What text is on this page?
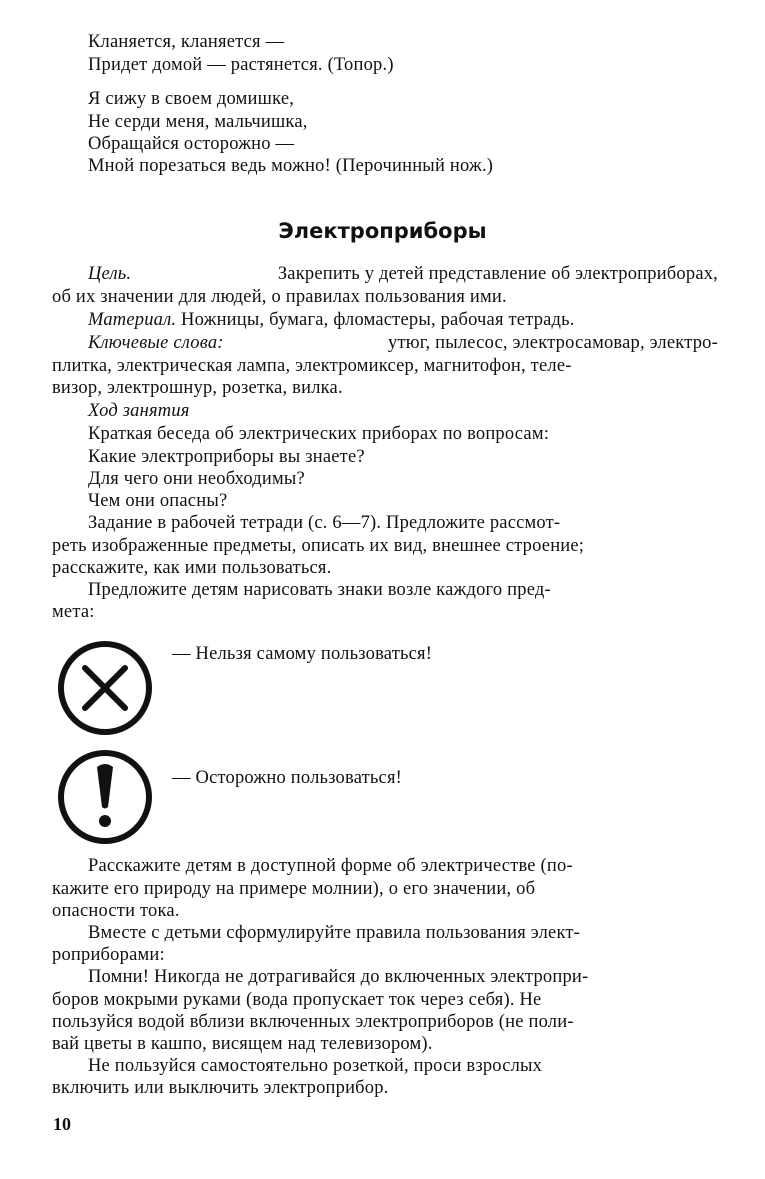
Кланяется, кланяется —
Придет домой — растянется. (Топор.)
Я сижу в своем домишке,
Не серди меня, мальчишка,
Обращайся осторожно —
Мной порезаться ведь можно! (Перочинный нож.)
Электроприборы
Цель.	Закрепить у детей представление об электроприборах,
об их значении для людей, о правилах пользования ими.
Материал. Ножницы, бумага, фломастеры, рабочая тетрадь.
Ключевые слова:	утюг, пылесос, электросамовар, электро-
плитка, электрическая лампа, электромиксер, магнитофон, теле-
визор, электрошнур, розетка, вилка.
Ход занятия
Краткая беседа об электрических приборах по вопросам:
Какие электроприборы вы знаете?
Для чего они необходимы?
Чем они опасны?
Задание в рабочей тетради (с. 6—7). Предложите рассмот-
реть изображенные предметы, описать их вид, внешнее строение;
расскажите, как ими пользоваться.
Предложите детям нарисовать знаки возле каждого пред-
мета:
— Нельзя самому пользоваться!
— Осторожно пользоваться!
Расскажите детям в доступной форме об электричестве (по-
кажите его природу на примере молнии), о его значении, об
опасности тока.
Вместе с детьми сформулируйте правила пользования элект-
роприборами:
Помни! Никогда не дотрагивайся до включенных электропри-
боров мокрыми руками (вода пропускает ток через себя). Не
пользуйся водой вблизи включенных электроприборов (не поли-
вай цветы в кашпо, висящем над телевизором).
Не пользуйся самостоятельно розеткой, проси взрослых
включить или выключить электроприбор.
10
